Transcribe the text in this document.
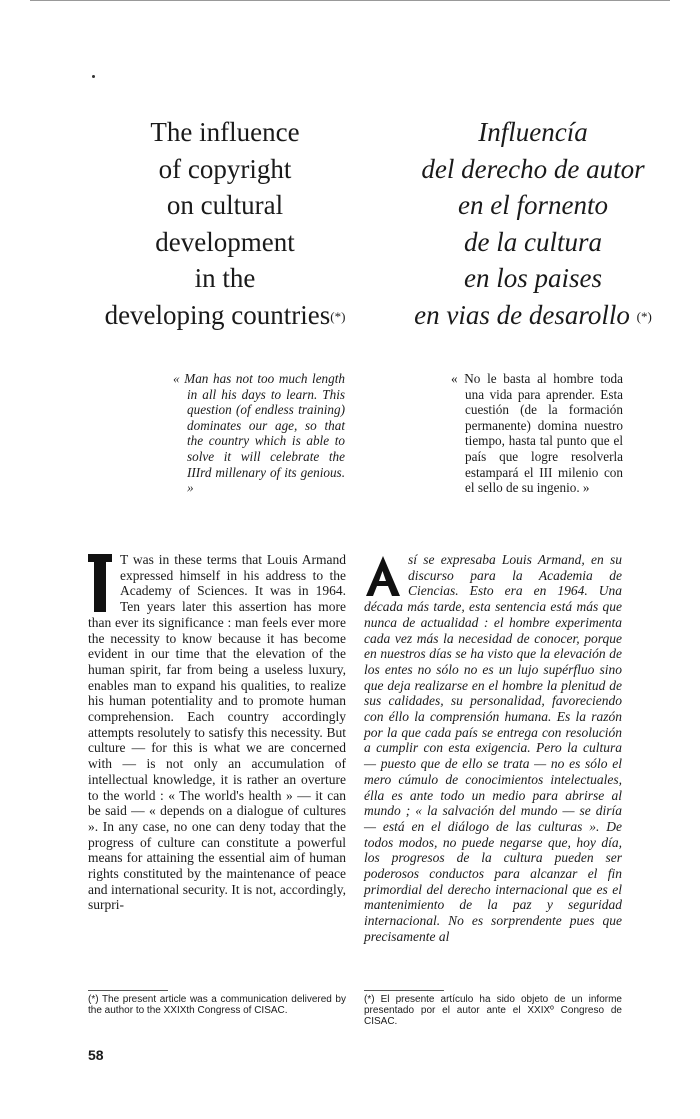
The influence
of copyright
on cultural
development
in the
developing countries(*)
Influencía
del derecho de autor
en el fornento
de la cultura
en los paises
en vias de desarollo (*)
« Man has not too much length in all his days to learn. This question (of endless training) dominates our age, so that the country which is able to solve it will celebrate the IIIrd millenary of its genious. »
« No le basta al hombre toda una vida para aprender. Esta cuestión (de la formación permanente) domina nuestro tiempo, hasta tal punto que el país que logre resolverla estampará el III milenio con el sello de su ingenio. »
T was in these terms that Louis Armand expressed himself in his address to the Academy of Sciences. It was in 1964. Ten years later this assertion has more than ever its significance : man feels ever more the necessity to know because it has become evident in our time that the elevation of the human spirit, far from being a useless luxury, enables man to expand his qualities, to realize his human potentiality and to promote human comprehension. Each country accordingly attempts resolutely to satisfy this necessity. But culture — for this is what we are concerned with — is not only an accumulation of intellectual knowledge, it is rather an overture to the world : « The world's health » — it can be said — « depends on a dialogue of cultures ». In any case, no one can deny today that the progress of culture can constitute a powerful means for attaining the essential aim of human rights constituted by the maintenance of peace and international security. It is not, accordingly, surpri-
sí se expresaba Louis Armand, en su discurso para la Academia de Ciencias. Esto era en 1964. Una década más tarde, esta sentencia está más que nunca de actualidad : el hombre experimenta cada vez más la necesidad de conocer, porque en nuestros días se ha visto que la elevación de los entes no sólo no es un lujo supérfluo sino que deja realizarse en el hombre la plenitud de sus calidades, su personalidad, favoreciendo con éllo la comprensión humana. Es la razón por la que cada país se entrega con resolución a cumplir con esta exigencia. Pero la cultura — puesto que de ello se trata — no es sólo el mero cúmulo de conocimientos intelectuales, élla es ante todo un medio para abrirse al mundo ; « la salvación del mundo — se diría — está en el diálogo de las culturas ». De todos modos, no puede negarse que, hoy día, los progresos de la cultura pueden ser poderosos conductos para alcanzar el fin primordial del derecho internacional que es el mantenimiento de la paz y seguridad internacional. No es sorprendente pues que precisamente al
(*) The present article was a communication delivered by the author to the XXIXth Congress of CISAC.
(*) El presente artículo ha sido objeto de un informe presentado por el autor ante el XXIXº Congreso de CISAC.
58
